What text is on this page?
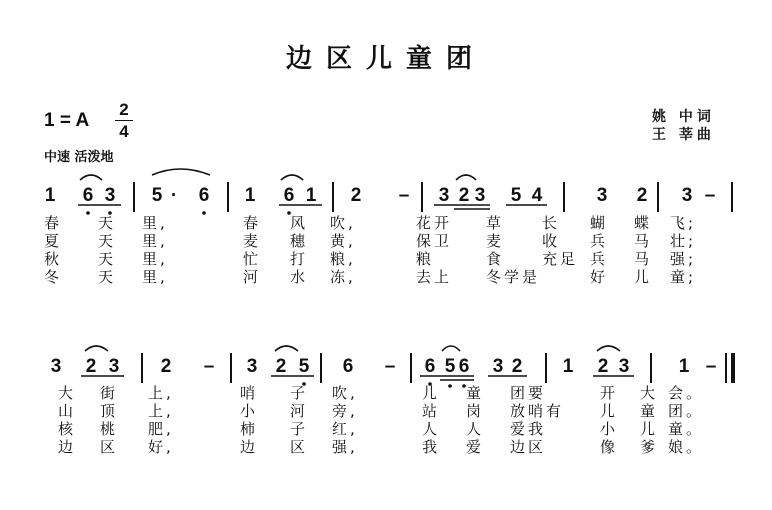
边区儿童团
1 = A
2
4
中速 活泼地
姚 中词
王 莘曲
1 6 3 5 · 6 1 6 1 2 – 3 2 3 5 4	3 2 3 –
3 2 3 2 – 3 2 5 6 – 6 5 6 3 2 1 2 3	1 –
春 天 里,	春 风 吹,	花开 草	长 蝴 蝶 飞;
夏 天 里,	麦 穗 黄,	保卫 麦	收 兵 马 壮;
秋 天 里,	忙 打 粮,	粮	食	充足 兵 马 强;
冬 天 里,	河 水 冻,	去上 冬学是	好 儿 童;
大 街 上,	哨 子 吹,	儿 童 团要	开 大 会。
山 顶 上,	小 河 旁,	站 岗 放哨有 儿 童 团。
核 桃 肥,	柿 子 红,	人 人 爱我	小 儿 童。
边 区 好,	边 区 强,	我 爱 边区	像 爹 娘。
